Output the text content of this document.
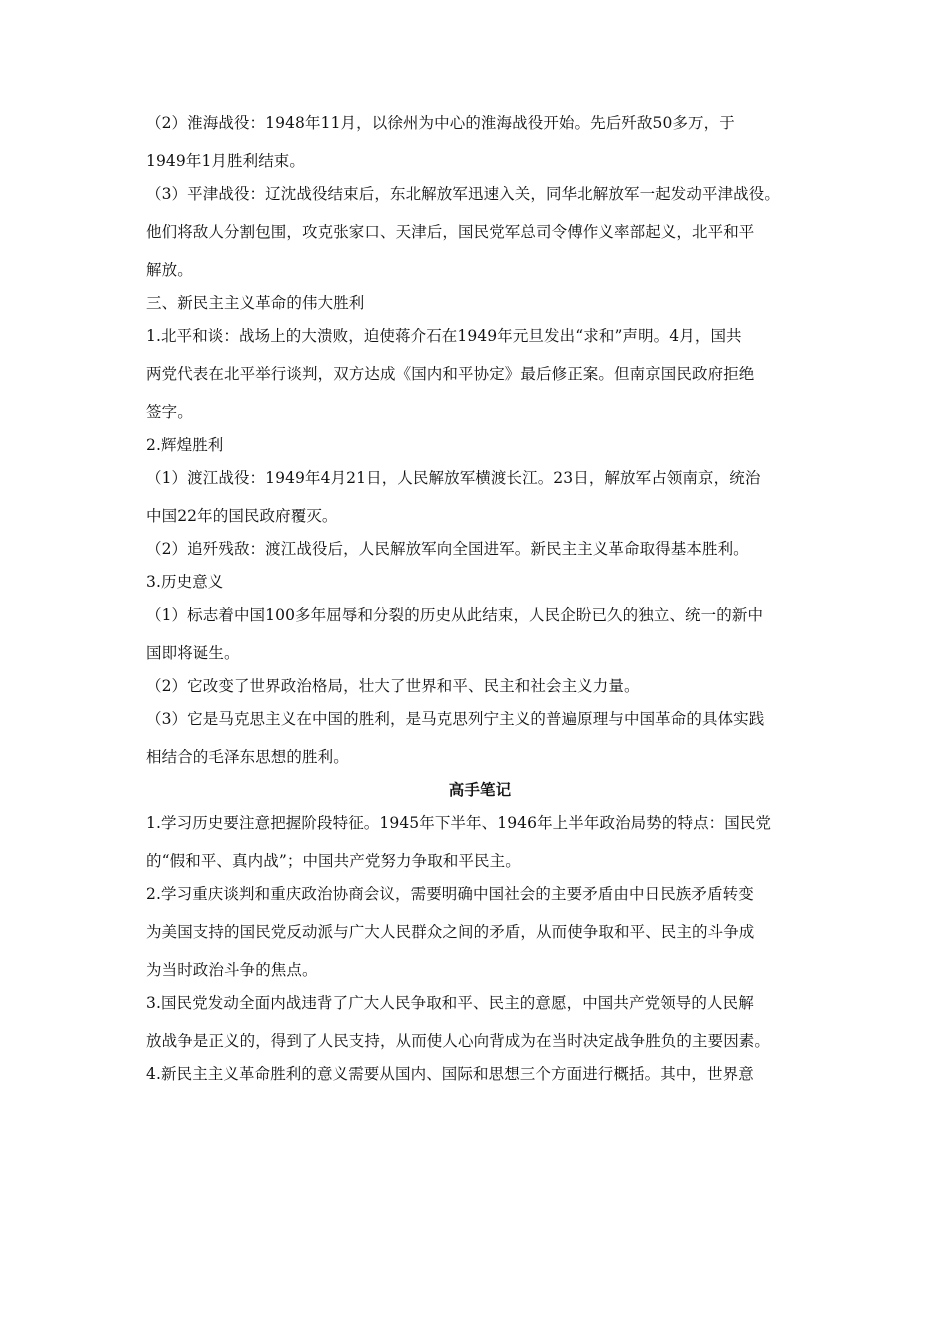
（2）淮海战役：1948年11月，以徐州为中心的淮海战役开始。先后歼敌50多万，于
1949年1月胜利结束。
（3）平津战役：辽沈战役结束后，东北解放军迅速入关，同华北解放军一起发动平津战役。
他们将敌人分割包围，攻克张家口、天津后，国民党军总司令傅作义率部起义，北平和平
解放。
三、新民主主义革命的伟大胜利
1.北平和谈：战场上的大溃败，迫使蒋介石在1949年元旦发出“求和”声明。4月，国共
两党代表在北平举行谈判，双方达成《国内和平协定》最后修正案。但南京国民政府拒绝
签字。
2.辉煌胜利
（1）渡江战役：1949年4月21日，人民解放军横渡长江。23日，解放军占领南京，统治
中国22年的国民政府覆灭。
（2）追歼残敌：渡江战役后，人民解放军向全国进军。新民主主义革命取得基本胜利。
3.历史意义
（1）标志着中国100多年屈辱和分裂的历史从此结束，人民企盼已久的独立、统一的新中
国即将诞生。
（2）它改变了世界政治格局，壮大了世界和平、民主和社会主义力量。
（3）它是马克思主义在中国的胜利，是马克思列宁主义的普遍原理与中国革命的具体实践
相结合的毛泽东思想的胜利。
高手笔记
1.学习历史要注意把握阶段特征。1945年下半年、1946年上半年政治局势的特点：国民党
的“假和平、真内战”；中国共产党努力争取和平民主。
2.学习重庆谈判和重庆政治协商会议，需要明确中国社会的主要矛盾由中日民族矛盾转变
为美国支持的国民党反动派与广大人民群众之间的矛盾，从而使争取和平、民主的斗争成
为当时政治斗争的焦点。
3.国民党发动全面内战违背了广大人民争取和平、民主的意愿，中国共产党领导的人民解
放战争是正义的，得到了人民支持，从而使人心向背成为在当时决定战争胜负的主要因素。
4.新民主主义革命胜利的意义需要从国内、国际和思想三个方面进行概括。其中，世界意
